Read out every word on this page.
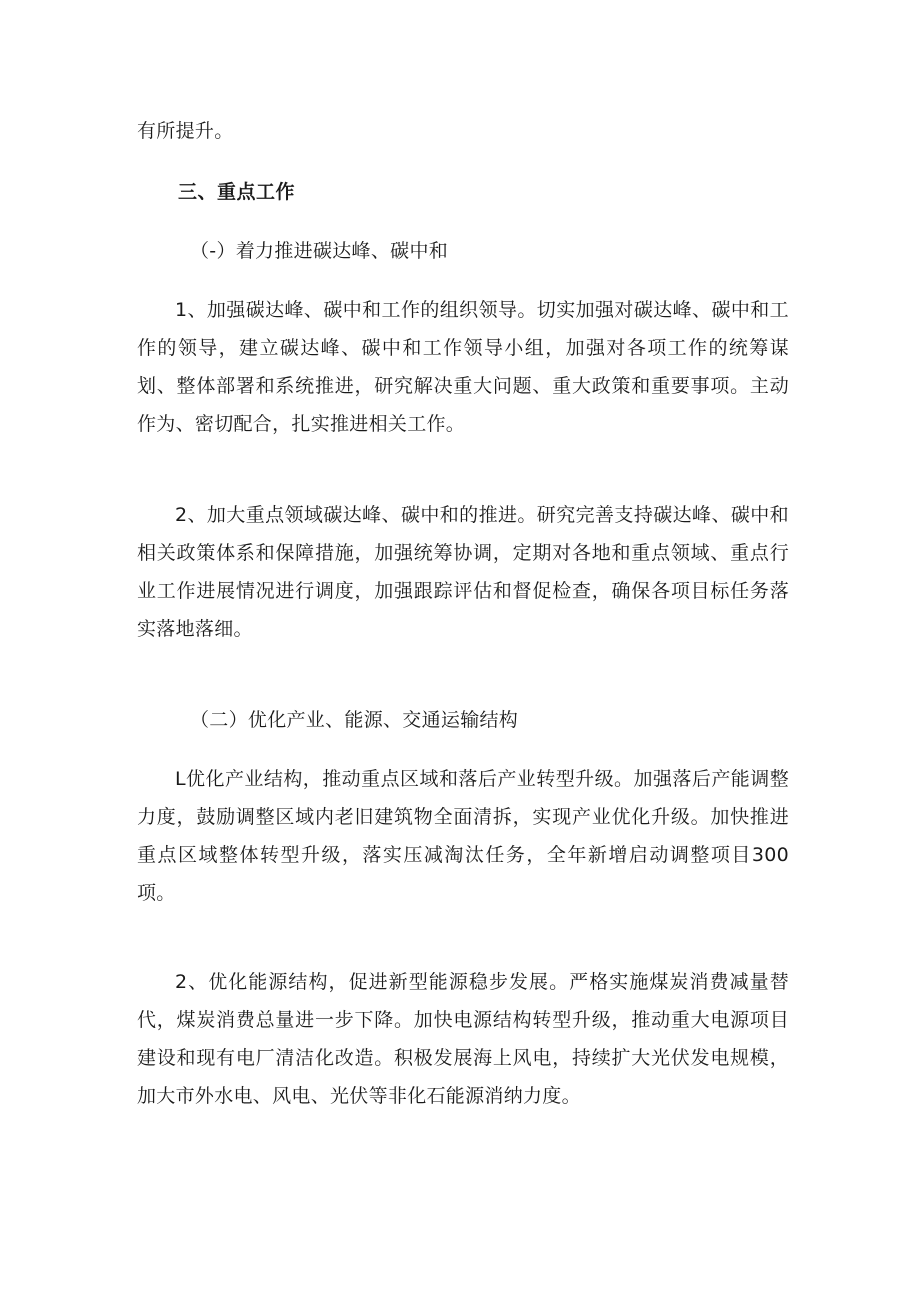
有所提升。
三、重点工作
（-）着力推进碳达峰、碳中和
1、加强碳达峰、碳中和工作的组织领导。切实加强对碳达峰、碳中和工作的领导，建立碳达峰、碳中和工作领导小组，加强对各项工作的统筹谋划、整体部署和系统推进，研究解决重大问题、重大政策和重要事项。主动作为、密切配合，扎实推进相关工作。
2、加大重点领域碳达峰、碳中和的推进。研究完善支持碳达峰、碳中和相关政策体系和保障措施，加强统筹协调，定期对各地和重点领域、重点行业工作进展情况进行调度，加强跟踪评估和督促检查，确保各项目标任务落实落地落细。
（二）优化产业、能源、交通运输结构
L优化产业结构，推动重点区域和落后产业转型升级。加强落后产能调整力度，鼓励调整区域内老旧建筑物全面清拆，实现产业优化升级。加快推进重点区域整体转型升级，落实压减淘汰任务，全年新增启动调整项目300项。
2、优化能源结构，促进新型能源稳步发展。严格实施煤炭消费减量替代，煤炭消费总量进一步下降。加快电源结构转型升级，推动重大电源项目建设和现有电厂清洁化改造。积极发展海上风电，持续扩大光伏发电规模，加大市外水电、风电、光伏等非化石能源消纳力度。
